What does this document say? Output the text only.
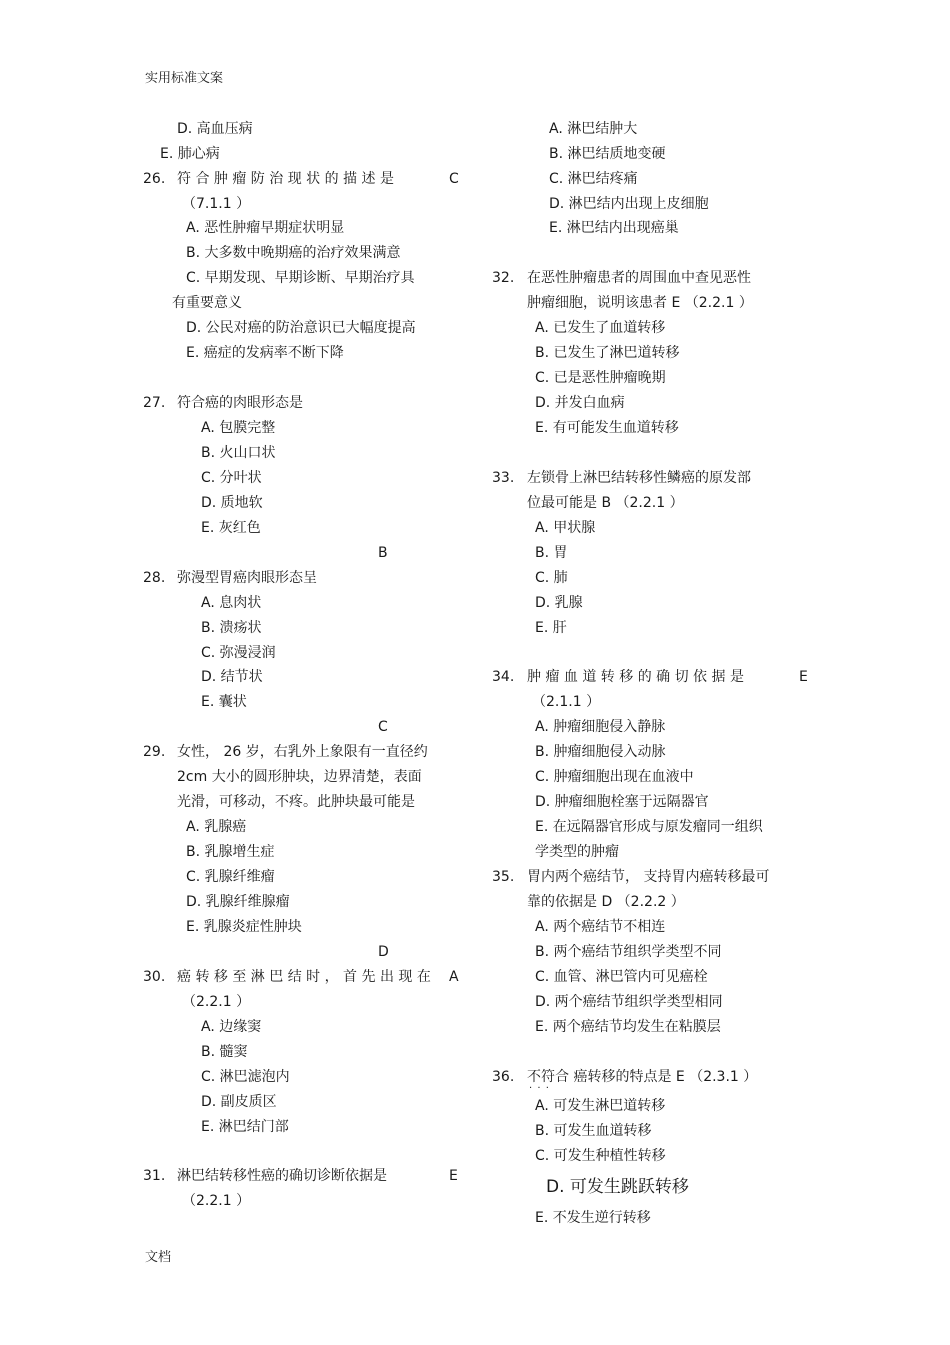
实用标准文案
文档
D. 高血压病
E. 肺心病
26. 符 合 肿 瘤 防 治 现 状 的 描 述 是	C
（7.1.1 ）
A. 恶性肿瘤早期症状明显
B. 大多数中晚期癌的治疗效果满意
C. 早期发现、早期诊断、早期治疗具
有重要意义
D. 公民对癌的防治意识已大幅度提高
E. 癌症的发病率不断下降
27. 符合癌的肉眼形态是
A. 包膜完整
B. 火山口状
C. 分叶状
D. 质地软
E. 灰红色
B
28. 弥漫型胃癌肉眼形态呈
A. 息肉状
B. 溃疡状
C. 弥漫浸润
D. 结节状
E. 囊状
C
29. 女性， 26 岁，右乳外上象限有一直径约
2cm 大小的圆形肿块，边界清楚，表面
光滑，可移动，不疼。此肿块最可能是
A. 乳腺癌
B. 乳腺增生症
C. 乳腺纤维瘤
D. 乳腺纤维腺瘤
E. 乳腺炎症性肿块
D
30. 癌 转 移 至 淋 巴 结 时 ， 首 先 出 现 在 A
（2.2.1 ）
A. 边缘窦
B. 髓窦
C. 淋巴滤泡内
D. 副皮质区
E. 淋巴结门部
31. 淋巴结转移性癌的确切诊断依据是	E
（2.2.1 ）
A. 淋巴结肿大
B. 淋巴结质地变硬
C. 淋巴结疼痛
D. 淋巴结内出现上皮细胞
E. 淋巴结内出现癌巢
32. 在恶性肿瘤患者的周围血中查见恶性
肿瘤细胞，说明该患者 E （2.2.1 ）
A. 已发生了血道转移
B. 已发生了淋巴道转移
C. 已是恶性肿瘤晚期
D. 并发白血病
E. 有可能发生血道转移
33. 左锁骨上淋巴结转移性鳞癌的原发部
位最可能是 B （2.2.1 ）
A. 甲状腺
B. 胃
C. 肺
D. 乳腺
E. 肝
34. 肿 瘤 血 道 转 移 的 确 切 依 据 是	E
（2.1.1 ）
A. 肿瘤细胞侵入静脉
B. 肿瘤细胞侵入动脉
C. 肿瘤细胞出现在血液中
D. 肿瘤细胞栓塞于远隔器官
E. 在远隔器官形成与原发瘤同一组织
学类型的肿瘤
35. 胃内两个癌结节， 支持胃内癌转移最可
靠的依据是 D （2.2.2 ）
A. 两个癌结节不相连
B. 两个癌结节组织学类型不同
C. 血管、淋巴管内可见癌栓
D. 两个癌结节组织学类型相同
E. 两个癌结节均发生在粘膜层
36. 不符合 癌转移的特点是 E （2.3.1 ）
· · ·
A. 可发生淋巴道转移
B. 可发生血道转移
C. 可发生种植性转移
D. 可发生跳跃转移
E. 不发生逆行转移
